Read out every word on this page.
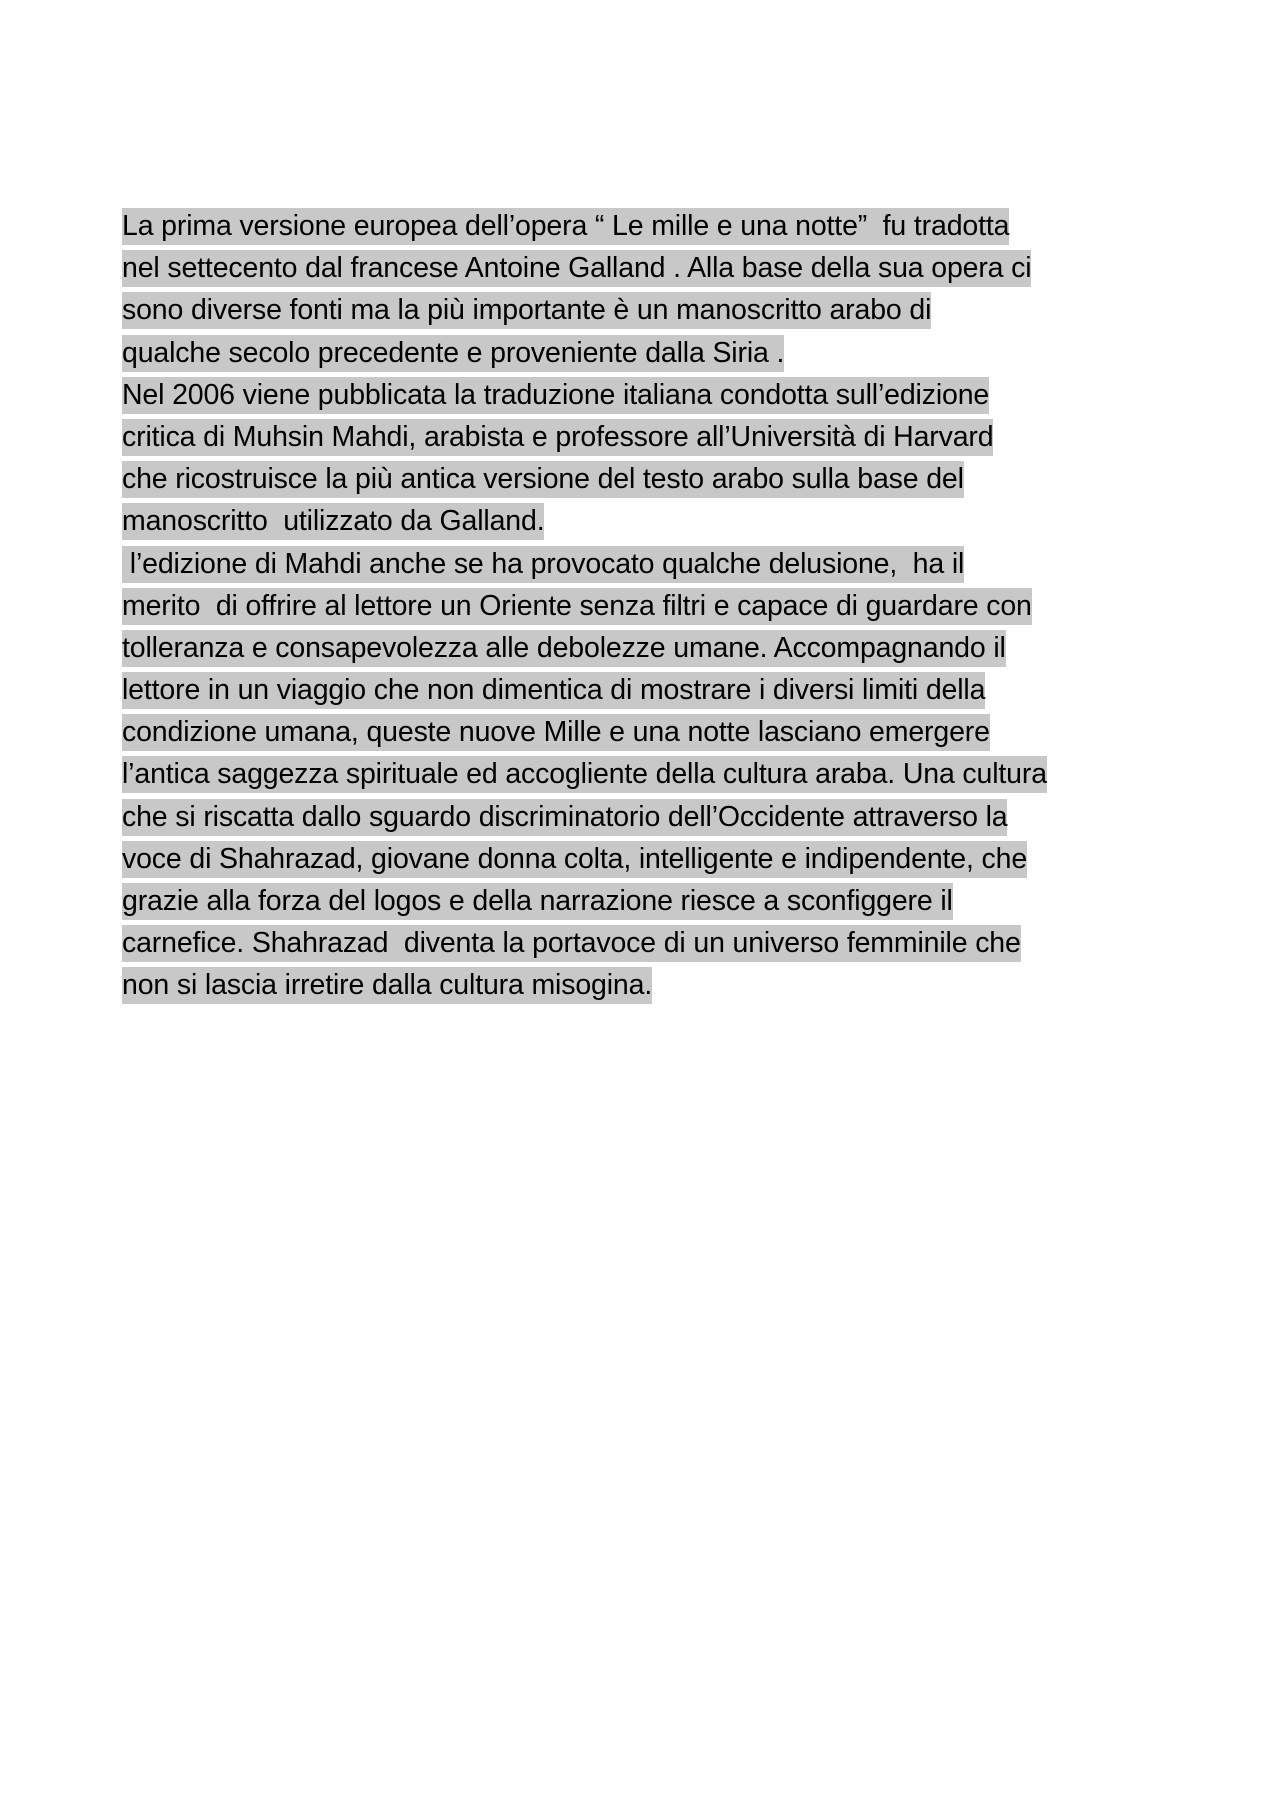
La prima versione europea dell’opera “ Le mille e una notte”  fu tradotta
nel settecento dal francese Antoine Galland . Alla base della sua opera ci
sono diverse fonti ma la più importante è un manoscritto arabo di
qualche secolo precedente e proveniente dalla Siria .
Nel 2006 viene pubblicata la traduzione italiana condotta sull’edizione
critica di Muhsin Mahdi, arabista e professore all’Università di Harvard
che ricostruisce la più antica versione del testo arabo sulla base del
manoscritto  utilizzato da Galland.
l’edizione di Mahdi anche se ha provocato qualche delusione,  ha il
merito  di offrire al lettore un Oriente senza filtri e capace di guardare con
tolleranza e consapevolezza alle debolezze umane. Accompagnando il
lettore in un viaggio che non dimentica di mostrare i diversi limiti della
condizione umana, queste nuove Mille e una notte lasciano emergere
l’antica saggezza spirituale ed accogliente della cultura araba. Una cultura
che si riscatta dallo sguardo discriminatorio dell’Occidente attraverso la
voce di Shahrazad, giovane donna colta, intelligente e indipendente, che
grazie alla forza del logos e della narrazione riesce a sconfiggere il
carnefice. Shahrazad  diventa la portavoce di un universo femminile che
non si lascia irretire dalla cultura misogina.
